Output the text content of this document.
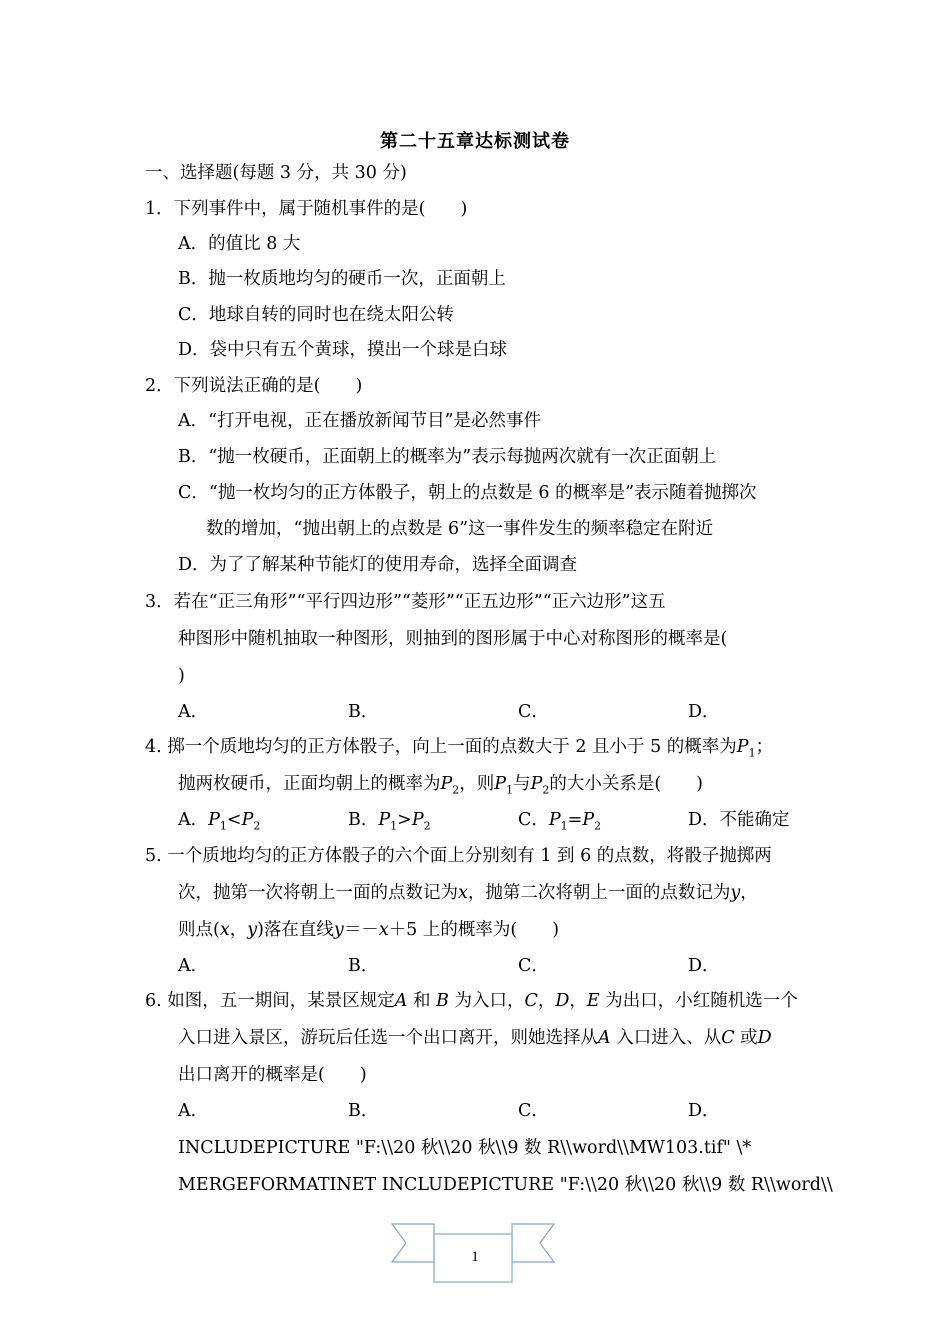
第二十五章达标测试卷
一、选择题(每题 3 分，共 30 分)
1．下列事件中，属于随机事件的是(　　)
A．的值比 8 大
B．抛一枚质地均匀的硬币一次，正面朝上
C．地球自转的同时也在绕太阳公转
D．袋中只有五个黄球，摸出一个球是白球
2．下列说法正确的是(　　)
A．“打开电视，正在播放新闻节目”是必然事件
B．“抛一枚硬币，正面朝上的概率为”表示每抛两次就有一次正面朝上
C．“抛一枚均匀的正方体骰子，朝上的点数是 6 的概率是”表示随着抛掷次
数的增加，“抛出朝上的点数是 6”这一事件发生的频率稳定在附近
D．为了了解某种节能灯的使用寿命，选择全面调查
3．若在“正三角形”“平行四边形”“菱形”“正五边形”“正六边形”这五
种图形中随机抽取一种图形，则抽到的图形属于中心对称图形的概率是(
)
A．	B．	C．	D．
4. 掷一个质地均匀的正方体骰子，向上一面的点数大于 2 且小于 5 的概率为$P_1$；
抛两枚硬币，正面均朝上的概率为$P_2$，则$P_1$与$P_2$的大小关系是(　　)
A．$P_1<P_2$	B．$P_1>P_2$	C．$P_1=P_2$	D．不能确定
5. 一个质地均匀的正方体骰子的六个面上分别刻有 1 到 6 的点数，将骰子抛掷两
次，抛第一次将朝上一面的点数记为x，抛第二次将朝上一面的点数记为y，
则点(x，y)落在直线y＝－x＋5 上的概率为(　　)
A．	B．	C．	D．
6. 如图，五一期间，某景区规定A 和 B 为入口，C，D，E 为出口，小红随机选一个
入口进入景区，游玩后任选一个出口离开，则她选择从A 入口进入、从C 或D
出口离开的概率是(　　)
A．	B．	C．	D．
INCLUDEPICTURE "F:\\20 秋\\20 秋\\9 数 R\\word\\MW103.tif" \*
MERGEFORMATINET INCLUDEPICTURE "F:\\20 秋\\20 秋\\9 数 R\\word\\
1
